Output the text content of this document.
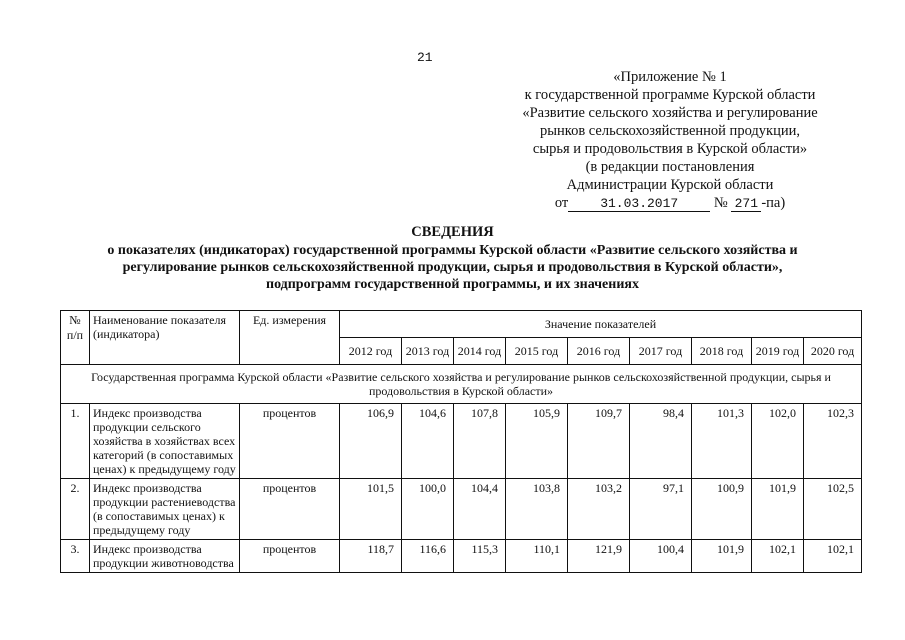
21
«Приложение № 1
к государственной программе Курской области
«Развитие сельского хозяйства и регулирование
рынков сельскохозяйственной продукции,
сырья и продовольствия в Курской области»
(в редакции постановления
Администрации Курской области
от 31.03.2017 № 271 -па)
СВЕДЕНИЯ
о показателях (индикаторах) государственной программы Курской области «Развитие сельского хозяйства и
регулирование рынков сельскохозяйственной продукции, сырья и продовольствия в Курской области»,
подпрограмм государственной программы, и их значениях
№ п/п	Наименование показателя (индикатора)	Ед. измерения	Значение показателей								
			2012 год	2013 год	2014 год	2015 год	2016 год	2017 год	2018 год	2019 год	2020 год
Государственная программа Курской области «Развитие сельского хозяйства и регулирование рынков сельскохозяйственной продукции, сырья и продовольствия в Курской области»											
1.	Индекс производства продукции сельского хозяйства в хозяйствах всех категорий (в сопоставимых ценах) к предыдущему году	процентов	106,9	104,6	107,8	105,9	109,7	98,4	101,3	102,0	102,3
2.	Индекс производства продукции растениеводства (в сопоставимых ценах) к предыдущему году	процентов	101,5	100,0	104,4	103,8	103,2	97,1	100,9	101,9	102,5
3.	Индекс производства продукции животноводства	процентов	118,7	116,6	115,3	110,1	121,9	100,4	101,9	102,1	102,1
